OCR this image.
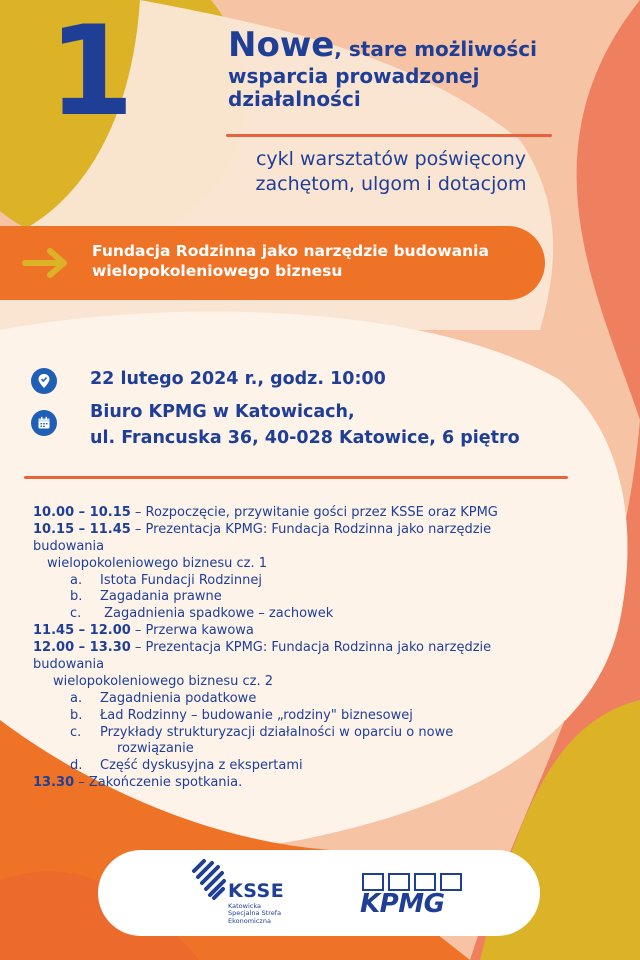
1	Nowe, stare możliwości
wsparcia prowadzonej
działalności
cykl warsztatów poświęcony
zachętom, ulgom i dotacjom
Fundacja Rodzinna jako narzędzie budowania
wielopokoleniowego biznesu
22 lutego 2024 r., godz. 10:00
Biuro KPMG w Katowicach,
ul. Francuska 36, 40-028 Katowice, 6 piętro
10.00 – 10.15 – Rozpoczęcie, przywitanie gości przez KSSE oraz KPMG
10.15 – 11.45 – Prezentacja KPMG: Fundacja Rodzinna jako narzędzie
budowania
wielopokoleniowego biznesu cz. 1
a.	Istota Fundacji Rodzinnej
b.	Zagadania prawne
c.	Zagadnienia spadkowe – zachowek
11.45 – 12.00 – Przerwa kawowa
12.00 – 13.30 – Prezentacja KPMG: Fundacja Rodzinna jako narzędzie
budowania
wielopokoleniowego biznesu cz. 2
a.	Zagadnienia podatkowe
b.	Ład Rodzinny – budowanie „rodziny" biznesowej
c.	Przykłady strukturyzacji działalności w oparciu o nowe
rozwiązanie
d.	Część dyskusyjna z ekspertami
13.30 – Zakończenie spotkania.
KSSE
Katowicka
Specjalna Strefa
Ekonomiczna
KPMG
